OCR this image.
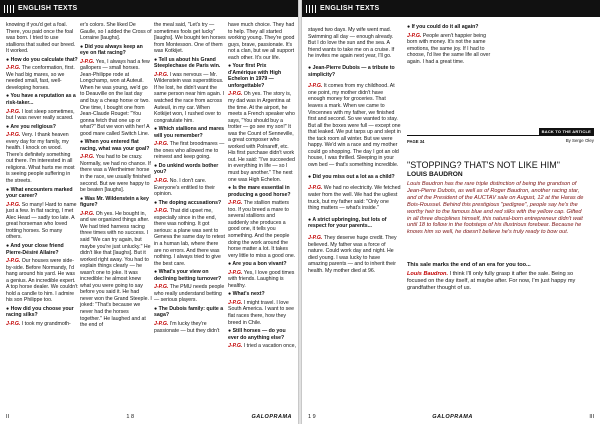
ENGLISH TEXTS

knowing if you'd get a foal. There, you paid once the foal was born. I tried to use stallions that suited our breed. It worked.

● How do you calculate that?

J-P.G. The conformation, first. We had big mares, so we needed small, fast, well-developing horses.

● You have a reputation as a risk-taker...

J-P.G. I lost sleep sometimes, but I was never really scared.

● Are you religious?

J-P.G. Very. I thank heaven every day for my family, my health. I knock on wood. There's definitely something out there. I'm interested in all religions. What hurts me most is seeing people suffering in the streets.

● What encounters marked your career?

J-P.G. So many! Hard to name just a few. In flat racing, I met Alec Head — sadly too late. A great horseman who loved trotting horses. So many others.

● And your close friend Pierre-Désiré Allaire?

J-P.G. Our houses were side-by-side. Before Normandy, I'd hang around his yard. He was a genius. An incredible expert. A top horse dealer. We couldn't hold a candle to him. I admire his son Philippe too.

● How did you choose your racing silks?

J-P.G. I took my grandmoth-

er's colors. She liked De Gaulle, so I added the Cross of Lorraine [laughs].

● Did you always keep an eye on flat racing?

J-P.G. Yes, I always had a few gallopers — small horses. Jean-Philippe rode at Longchamp, won at Auteuil. When he was young, we'd go to Deauville on the last day and buy a cheap horse or two. One time, I bought one from Jean-Claude Rouget: "You gonna fetch that one up or what?" But we won with her! A good mare called Switch Line.

● When you entered flat racing, what was your goal?

J-P.G. You had to be crazy. Normally, we had no chance. If there was a Wertheimer horse in the race, we usually finished second. But we were happy to be beaten [laughs].

● Was Mr. Wildenstein a key figure?

J-P.G. Oh yes. He bought in, and we organized things after. We had tried harness racing three times with no success. I said "We can try again, but maybe you're just unlucky." He didn't like that [laughs]. But it worked right away. You had to explain things clearly — he wasn't one to joke. It was incredible: he almost knew what you were going to say before you said it. He had never won the Grand Steeple. I joked: "That's because we never had the horses together." He laughed and at the end of

the meal said, "Let's try — sometimes fools get lucky" [laughs]. We bought ten horses from Montesson. One of them was Kotkijet.

● Tell us about his Grand Steeplechase de Paris win.

J-P.G. I was nervous — Mr. Wildenstein was superstitious. If he lost, he didn't want the same person near him again. I watched the race from across Auteuil, in my car. When Kotkijet won, I rushed over to congratulate him.

● Which stallions and mares will you remember?

J-P.G. The first broodmares — the ones who allowed me to reinvest and keep going.

● Do unkind words bother you?

J-P.G. No. I don't care. Everyone's entitled to their opinion.

● The doping accusations?

J-P.G. That did upset me, especially since in the end, there was nothing. It got serious: a plane was sent to Geneva the same day to retest in a human lab, where there are no errors. And there was nothing. I always tried to give the best care.

● What's your view on declining betting turnover?

J-P.G. The PMU needs people who really understand betting — serious players.

● The Dubois family: quite a saga?

J-P.G. I'm lucky they're passionate — but they didn't

have much choice. They had to help. They all started working young. They're good guys, brave, passionate. It's not a clan, but we all support each other. It's our life.

● Your first Prix d'Amérique with High Echelon in 1979 — unforgettable?

J-P.G. Oh yes. The story is, my dad was in Argentina at the time. At the airport, he meets a French speaker who says, "You should buy a trotter — go see my son!" It was the Count of Senneville, a great composer who worked with Polnareff, etc. His first purchase didn't work out. He said: "I've succeeded in everything in life — so I must buy another." The next one was High Echelon.

● Is the mare essential in producing a good horse?

J-P.G. The stallion matters too. If you breed a mare to several stallions and suddenly she produces a good one, it tells you something. And the people doing the work around the horse matter a lot. It takes very little to miss a good one.

● Are you a bon vivant?

J-P.G. Yes, I love good times with friends. Laughing is healthy.

● What's next?

J-P.G. I might travel. I love South America. I want to see flat races there, how they breed in Chile.

● Still horses — do you ever do anything else?

J-P.G. I tried a vacation once,

II	1 8	GALOPRAMA
ENGLISH TEXTS

stayed two days. My wife went mad. Swimming all day — enough already. But I do love the sun and the sea. A friend wants to take me on a cruise. If he invites me again next year, I'll go.

● Jean-Pierre Dubois — a tribute to simplicity?

J-P.G. It comes from my childhood. At one point, my mother didn't have enough money for groceries. That leaves a mark. When we came to Vincennes with my father, we finished first and second. So we wanted to stay. But all the boxes were full — except one that leaked. We put tarps up and slept in the tack room all winter. But we were happy. We'd win a race and my mother could go shopping. The day I got an old house, I was thrilled. Sleeping in your own bed — that's something incredible.

● Did you miss out a lot as a child?

J-P.G. We had no electricity. We fetched water from the well. We had the ugliest truck, but my father said: "Only one thing matters — what's inside."

● A strict upbringing, but lots of respect for your parents...

J-P.G. They deserve huge credit. They believed. My father was a force of nature. Could work day and night. He died young. I was lucky to have amazing parents — and to inherit their health. My mother died at 96.

● If you could do it all again?

J-P.G. People aren't happier being born with money. It's not the same emotions, the same joy. If I had to choose, I'd live the same life all over again. I had a great time.

BACK TO THE ARTICLE
PAGE 34	By Serge Oley
"STOPPING? THAT'S NOT LIKE HIM"
LOUIS BAUDRON
Louis Baudron has the rare triple distinction of being the grandson of Jean-Pierre Dubois, as well as of Roger Baudron, another racing star, and of the President of the AUCTAV sale on August, 12 at the Haras de Bois-Roussel. Behind this prestigious "pedigree", people say he's the worthy heir to the famous blue and red silks with the yellow cap. Gifted in all three disciplines himself, this natural-born entrepreneur didn't wait until 18 to follow in the footsteps of his illustrious forebear. Because he knows him so well, he doesn't believe he's truly ready to bow out.

This sale marks the end of an era for you too...

Louis Baudron. I think I'll only fully grasp it after the sale. Being so focused on the day itself, at maybe after. For now, I'm just happy my grandfather thought of us.

1 9	GALOPRAMA	III
